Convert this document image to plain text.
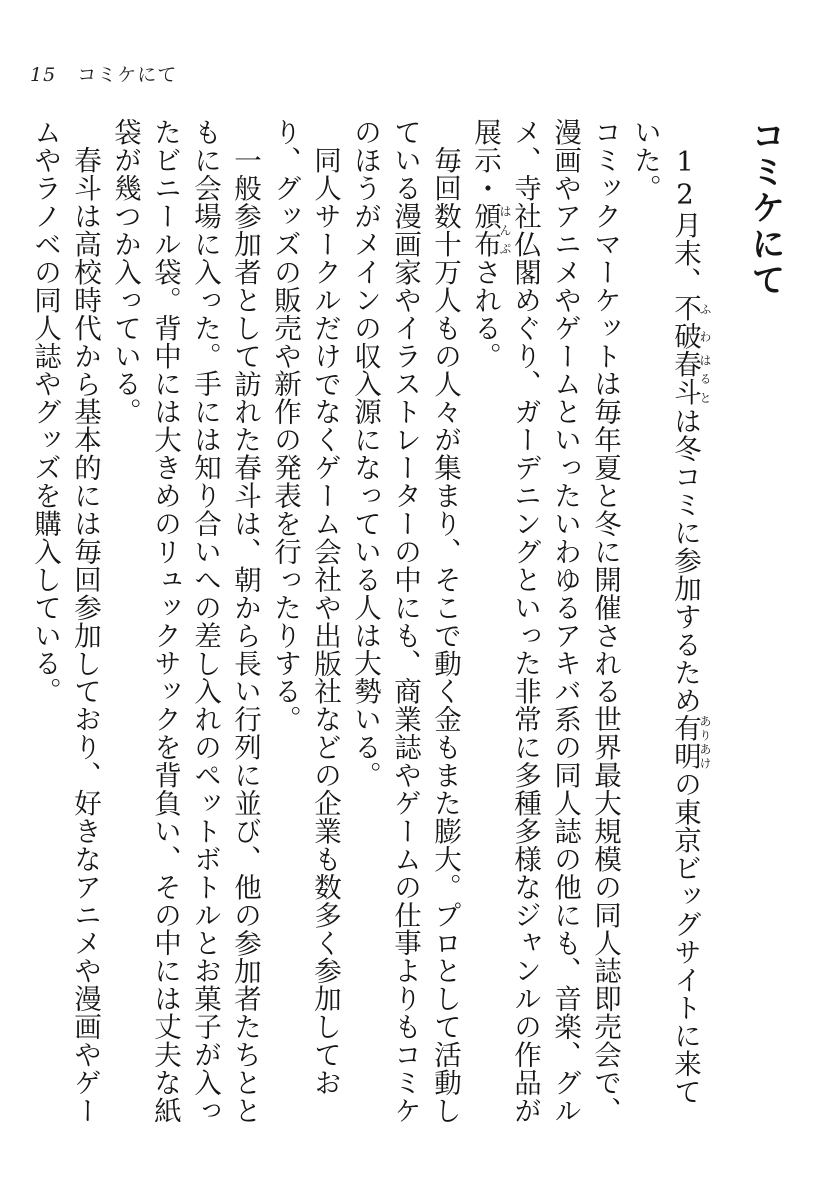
15 コミケにて
コミケにて

12月末、不破ふわ春斗はるとは冬コミに参加するため有明ありあけの東京ビッグサイトに来ていた。

コミックマーケットは毎年夏と冬に開催される世界最大規模の同人誌即売会で、漫画やアニメやゲームといったいわゆるアキバ系の同人誌の他にも、音楽、グルメ、寺社仏閣めぐり、ガーデニングといった非常に多種多様なジャンルの作品が展示・頒布はんぷされる。

毎回数十万人もの人々が集まり、そこで動く金もまた膨大。プロとして活動している漫画家やイラストレーターの中にも、商業誌やゲームの仕事よりもコミケのほうがメインの収入源になっている人は大勢いる。

同人サークルだけでなくゲーム会社や出版社などの企業も数多く参加しており、グッズの販売や新作の発表を行ったりする。

一般参加者として訪れた春斗は、朝から長い行列に並び、他の参加者たちとともに会場に入った。手には知り合いへの差し入れのペットボトルとお菓子が入ったビニール袋。背中には大きめのリュックサックを背負い、その中には丈夫な紙袋が幾つか入っている。

春斗は高校時代から基本的には毎回参加しており、好きなアニメや漫画やゲームやラノベの同人誌やグッズを購入している。
